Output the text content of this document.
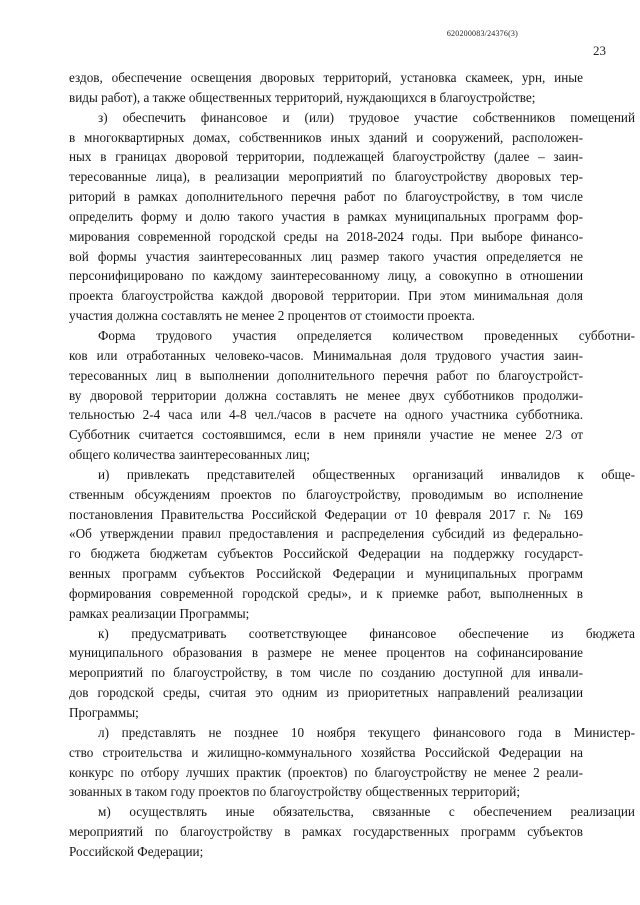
620200083/24376(3)
23
ездов, обеспечение освещения дворовых территорий, установка скамеек, урн, иные
виды работ), а также общественных территорий, нуждающихся в благоустройстве;
з) обеспечить финансовое и (или) трудовое участие собственников помещений
в многоквартирных домах, собственников иных зданий и сооружений, расположен-
ных в границах дворовой территории, подлежащей благоустройству (далее – заин-
тересованные лица), в реализации мероприятий по благоустройству дворовых тер-
риторий в рамках дополнительного перечня работ по благоустройству, в том числе
определить форму и долю такого участия в рамках муниципальных программ фор-
мирования современной городской среды на 2018-2024 годы. При выборе финансо-
вой формы участия заинтересованных лиц размер такого участия определяется не
персонифицировано по каждому заинтересованному лицу, а совокупно в отношении
проекта благоустройства каждой дворовой территории. При этом минимальная доля
участия должна составлять не менее 2 процентов от стоимости проекта.
Форма трудового участия определяется количеством проведенных субботни-
ков или отработанных человеко-часов. Минимальная доля трудового участия заин-
тересованных лиц в выполнении дополнительного перечня работ по благоустройст-
ву дворовой территории должна составлять не менее двух субботников продолжи-
тельностью 2-4 часа или 4-8 чел./часов в расчете на одного участника субботника.
Субботник считается состоявшимся, если в нем приняли участие не менее 2/3 от
общего количества заинтересованных лиц;
и) привлекать представителей общественных организаций инвалидов к обще-
ственным обсуждениям проектов по благоустройству, проводимым во исполнение
постановления Правительства Российской Федерации от 10 февраля 2017 г. № 169
«Об утверждении правил предоставления и распределения субсидий из федерально-
го бюджета бюджетам субъектов Российской Федерации на поддержку государст-
венных программ субъектов Российской Федерации и муниципальных программ
формирования современной городской среды», и к приемке работ, выполненных в
рамках реализации Программы;
к) предусматривать соответствующее финансовое обеспечение из бюджета
муниципального образования в размере не менее процентов на софинансирование
мероприятий по благоустройству, в том числе по созданию доступной для инвали-
дов городской среды, считая это одним из приоритетных направлений реализации
Программы;
л) представлять не позднее 10 ноября текущего финансового года в Министер-
ство строительства и жилищно-коммунального хозяйства Российской Федерации на
конкурс по отбору лучших практик (проектов) по благоустройству не менее 2 реали-
зованных в таком году проектов по благоустройству общественных территорий;
м) осуществлять иные обязательства, связанные с обеспечением реализации
мероприятий по благоустройству в рамках государственных программ субъектов
Российской Федерации;
